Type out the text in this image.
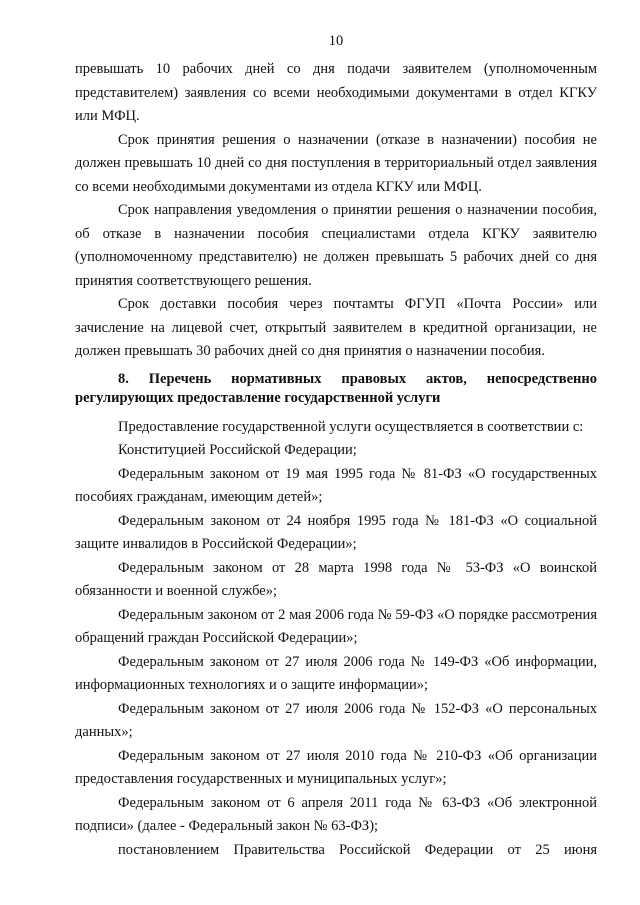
10

превышать 10 рабочих дней со дня подачи заявителем (уполномоченным представителем) заявления со всеми необходимыми документами в отдел КГКУ или МФЦ.

Срок принятия решения о назначении (отказе в назначении) пособия не должен превышать 10 дней со дня поступления в территориальный отдел заявления со всеми необходимыми документами из отдела КГКУ или МФЦ.

Срок направления уведомления о принятии решения о назначении пособия, об отказе в назначении пособия специалистами отдела КГКУ заявителю (уполномоченному представителю) не должен превышать 5 рабочих дней со дня принятия соответствующего решения.

Срок доставки пособия через почтамты ФГУП «Почта России» или зачисление на лицевой счет, открытый заявителем в кредитной организации, не должен превышать 30 рабочих дней со дня принятия о назначении пособия.

8. Перечень нормативных правовых актов, непосредственно регулирующих предоставление государственной услуги

Предоставление государственной услуги осуществляется в соответствии с:

Конституцией Российской Федерации;

Федеральным законом от 19 мая 1995 года № 81-ФЗ «О государственных пособиях гражданам, имеющим детей»;

Федеральным законом от 24 ноября 1995 года № 181-ФЗ «О социальной защите инвалидов в Российской Федерации»;

Федеральным законом от 28 марта 1998 года № 53-ФЗ «О воинской обязанности и военной службе»;

Федеральным законом от 2 мая 2006 года № 59-ФЗ «О порядке рассмотрения обращений граждан Российской Федерации»;

Федеральным законом от 27 июля 2006 года № 149-ФЗ «Об информации, информационных технологиях и о защите информации»;

Федеральным законом от 27 июля 2006 года № 152-ФЗ «О персональных данных»;

Федеральным законом от 27 июля 2010 года № 210-ФЗ «Об организации предоставления государственных и муниципальных услуг»;

Федеральным законом от 6 апреля 2011 года № 63-ФЗ «Об электронной подписи» (далее - Федеральный закон № 63-ФЗ);

постановлением Правительства Российской Федерации от 25 июня
